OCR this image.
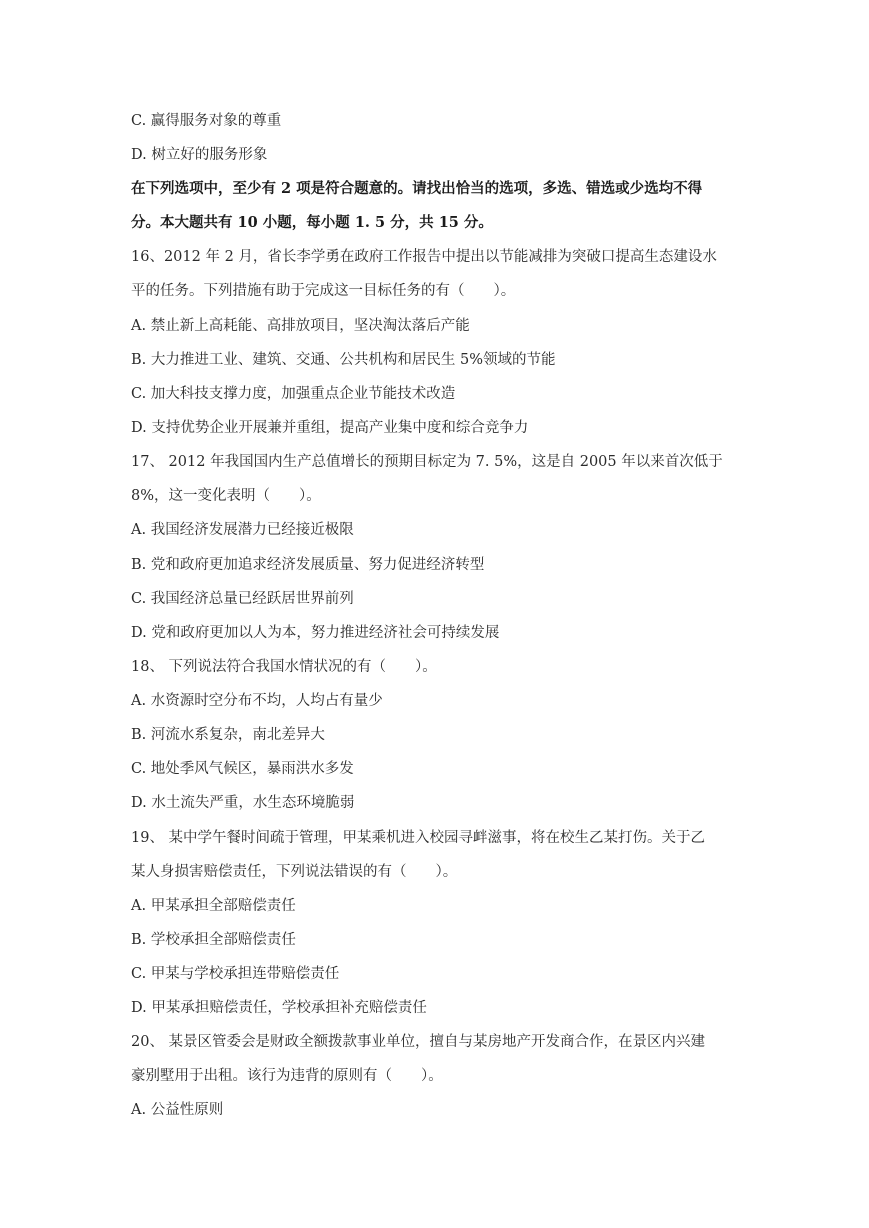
C. 赢得服务对象的尊重
D. 树立好的服务形象
在下列选项中，至少有 2 项是符合题意的。请找出恰当的选项，多选、错选或少选均不得
分。本大题共有 10 小题，每小题 1. 5 分，共 15 分。
16、2012 年 2 月，省长李学勇在政府工作报告中提出以节能减排为突破口提高生态建设水
平的任务。下列措施有助于完成这一目标任务的有（　　）。
A. 禁止新上高耗能、高排放项目，坚决淘汰落后产能
B. 大力推进工业、建筑、交通、公共机构和居民生 5%领域的节能
C. 加大科技支撑力度，加强重点企业节能技术改造
D. 支持优势企业开展兼并重组，提高产业集中度和综合竞争力
17、 2012 年我国国内生产总值增长的预期目标定为 7. 5%，这是自 2005 年以来首次低于
8%，这一变化表明（　　）。
A. 我国经济发展潜力已经接近极限
B. 党和政府更加追求经济发展质量、努力促进经济转型
C. 我国经济总量已经跃居世界前列
D. 党和政府更加以人为本，努力推进经济社会可持续发展
18、 下列说法符合我国水情状况的有（　　）。
A. 水资源时空分布不均，人均占有量少
B. 河流水系复杂，南北差异大
C. 地处季风气候区，暴雨洪水多发
D. 水土流失严重，水生态环境脆弱
19、 某中学午餐时间疏于管理，甲某乘机进入校园寻衅滋事，将在校生乙某打伤。关于乙
某人身损害赔偿责任，下列说法错误的有（　　）。
A. 甲某承担全部赔偿责任
B. 学校承担全部赔偿责任
C. 甲某与学校承担连带赔偿责任
D. 甲某承担赔偿责任，学校承担补充赔偿责任
20、 某景区管委会是财政全额拨款事业单位，擅自与某房地产开发商合作，在景区内兴建
豪别墅用于出租。该行为违背的原则有（　　）。
A. 公益性原则
